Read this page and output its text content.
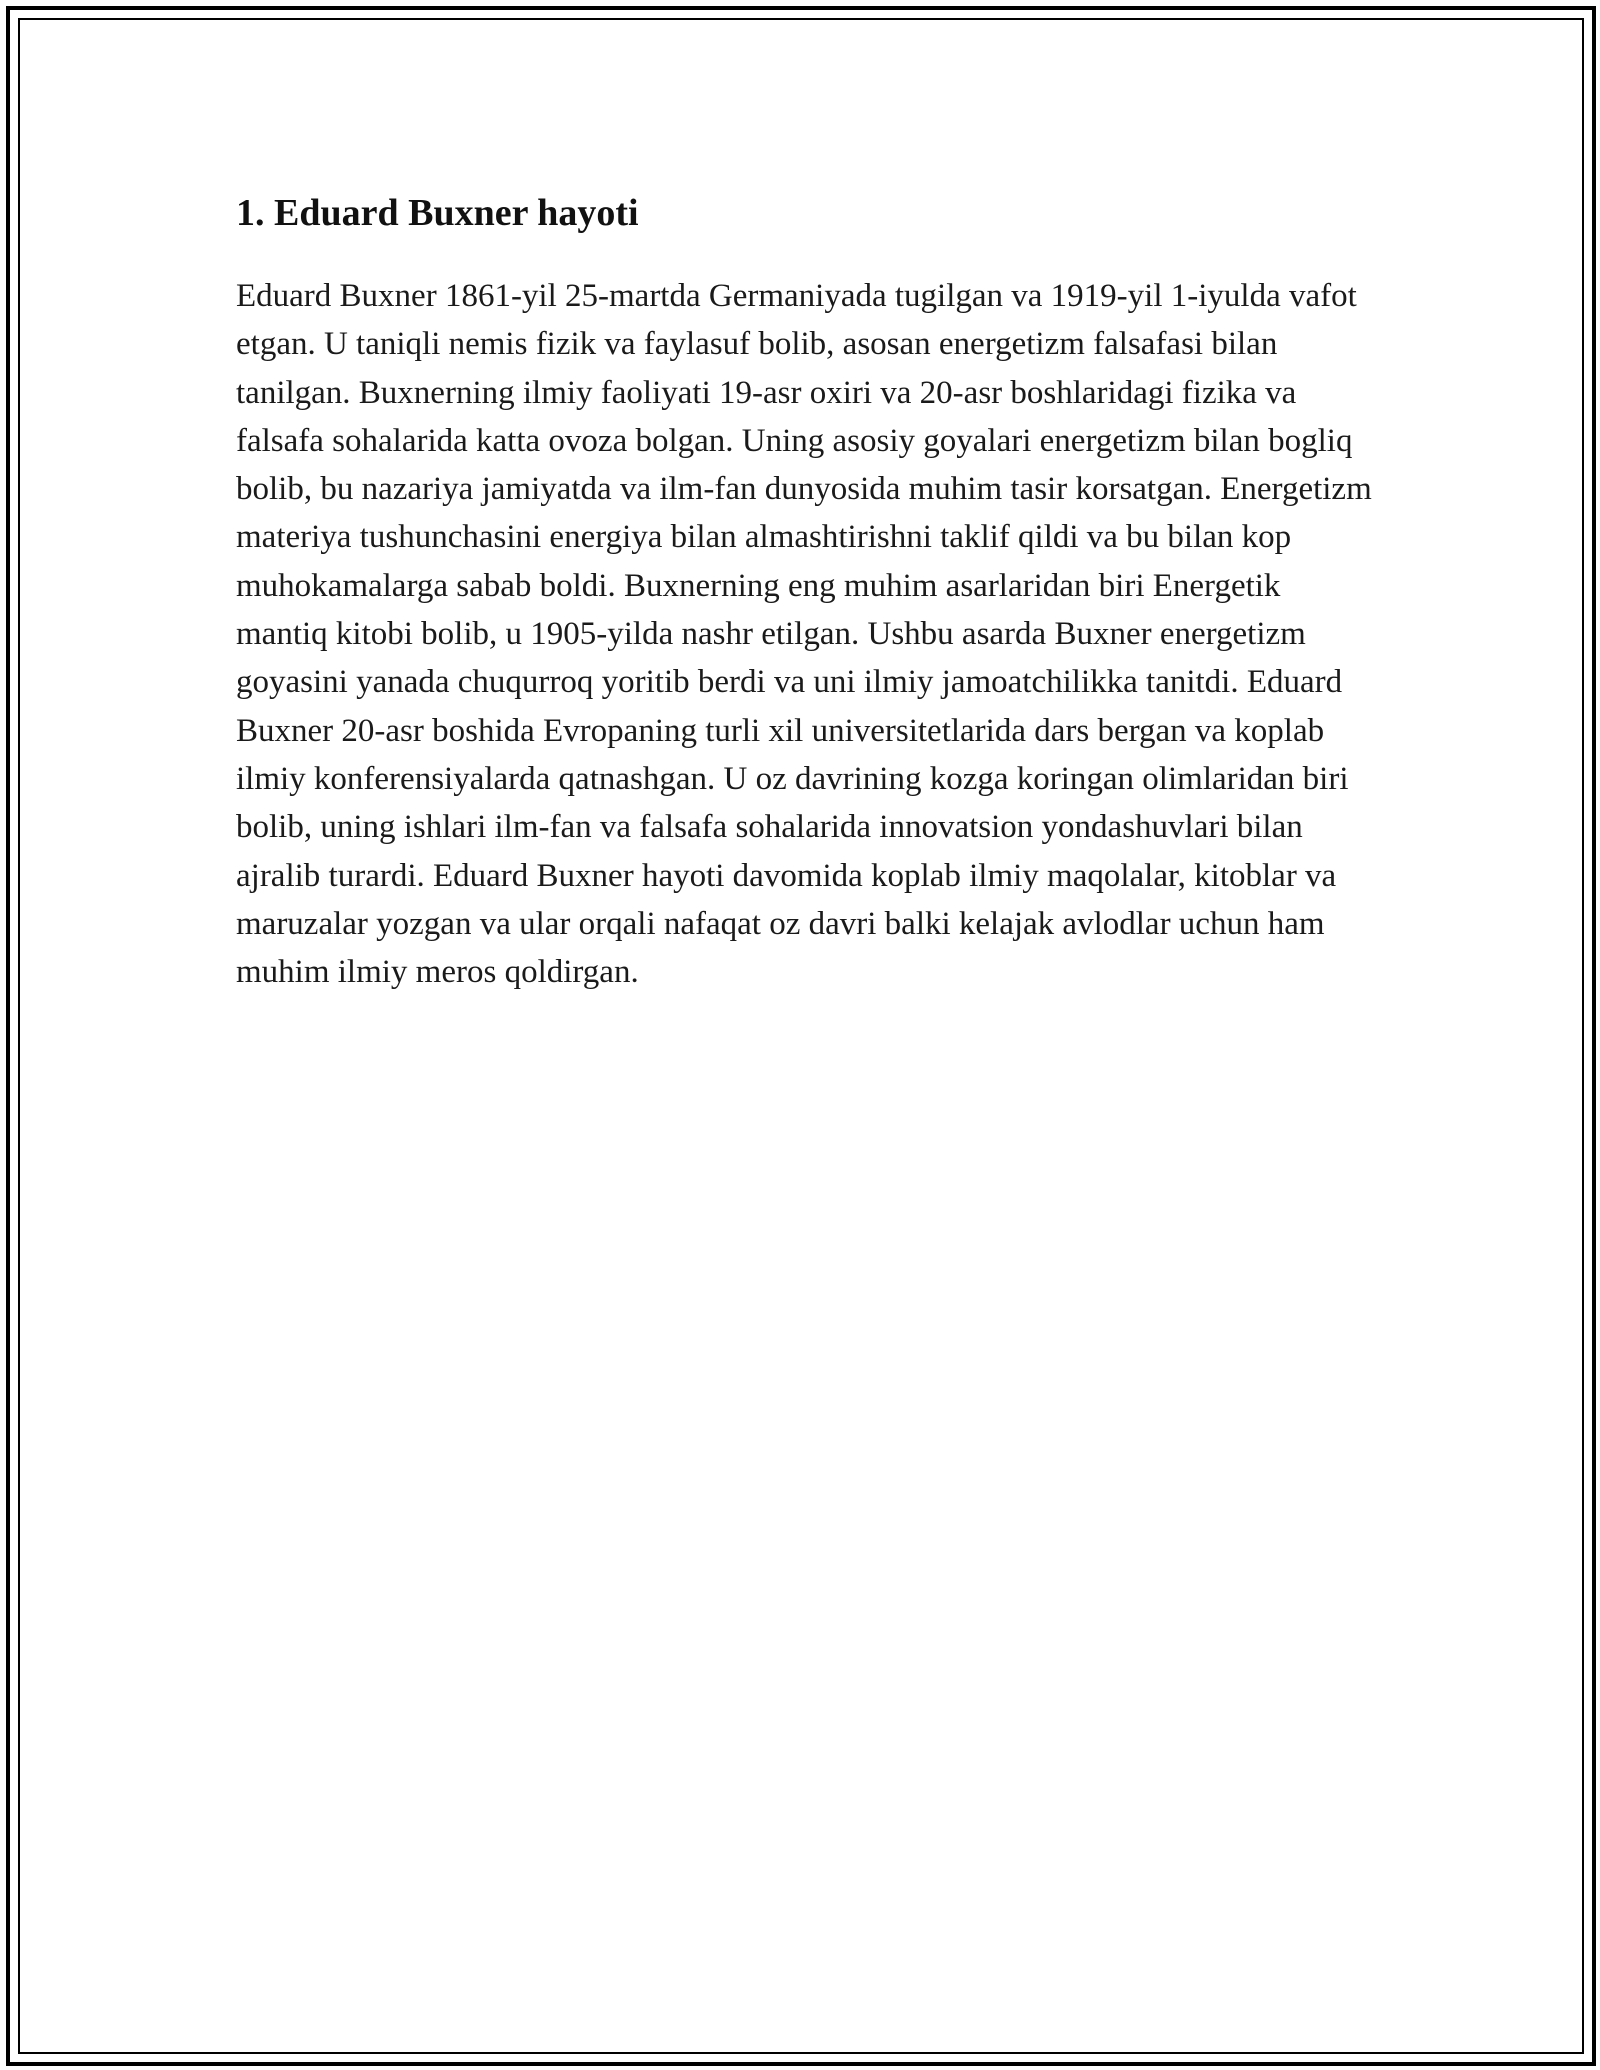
1. Eduard Buxner hayoti

Eduard Buxner 1861-yil 25-martda Germaniyada tugilgan va 1919-yil 1-iyulda vafot etgan. U taniqli nemis fizik va faylasuf bolib, asosan energetizm falsafasi bilan tanilgan. Buxnerning ilmiy faoliyati 19-asr oxiri va 20-asr boshlaridagi fizika va falsafa sohalarida katta ovoza bolgan. Uning asosiy goyalari energetizm bilan bogliq bolib, bu nazariya jamiyatda va ilm-fan dunyosida muhim tasir korsatgan. Energetizm materiya tushunchasini energiya bilan almashtirishni taklif qildi va bu bilan kop muhokamalarga sabab boldi. Buxnerning eng muhim asarlaridan biri Energetik mantiq kitobi bolib, u 1905-yilda nashr etilgan. Ushbu asarda Buxner energetizm goyasini yanada chuqurroq yoritib berdi va uni ilmiy jamoatchilikka tanitdi. Eduard Buxner 20-asr boshida Evropaning turli xil universitetlarida dars bergan va koplab ilmiy konferensiyalarda qatnashgan. U oz davrining kozga koringan olimlaridan biri bolib, uning ishlari ilm-fan va falsafa sohalarida innovatsion yondashuvlari bilan ajralib turardi. Eduard Buxner hayoti davomida koplab ilmiy maqolalar, kitoblar va maruzalar yozgan va ular orqali nafaqat oz davri balki kelajak avlodlar uchun ham muhim ilmiy meros qoldirgan.
